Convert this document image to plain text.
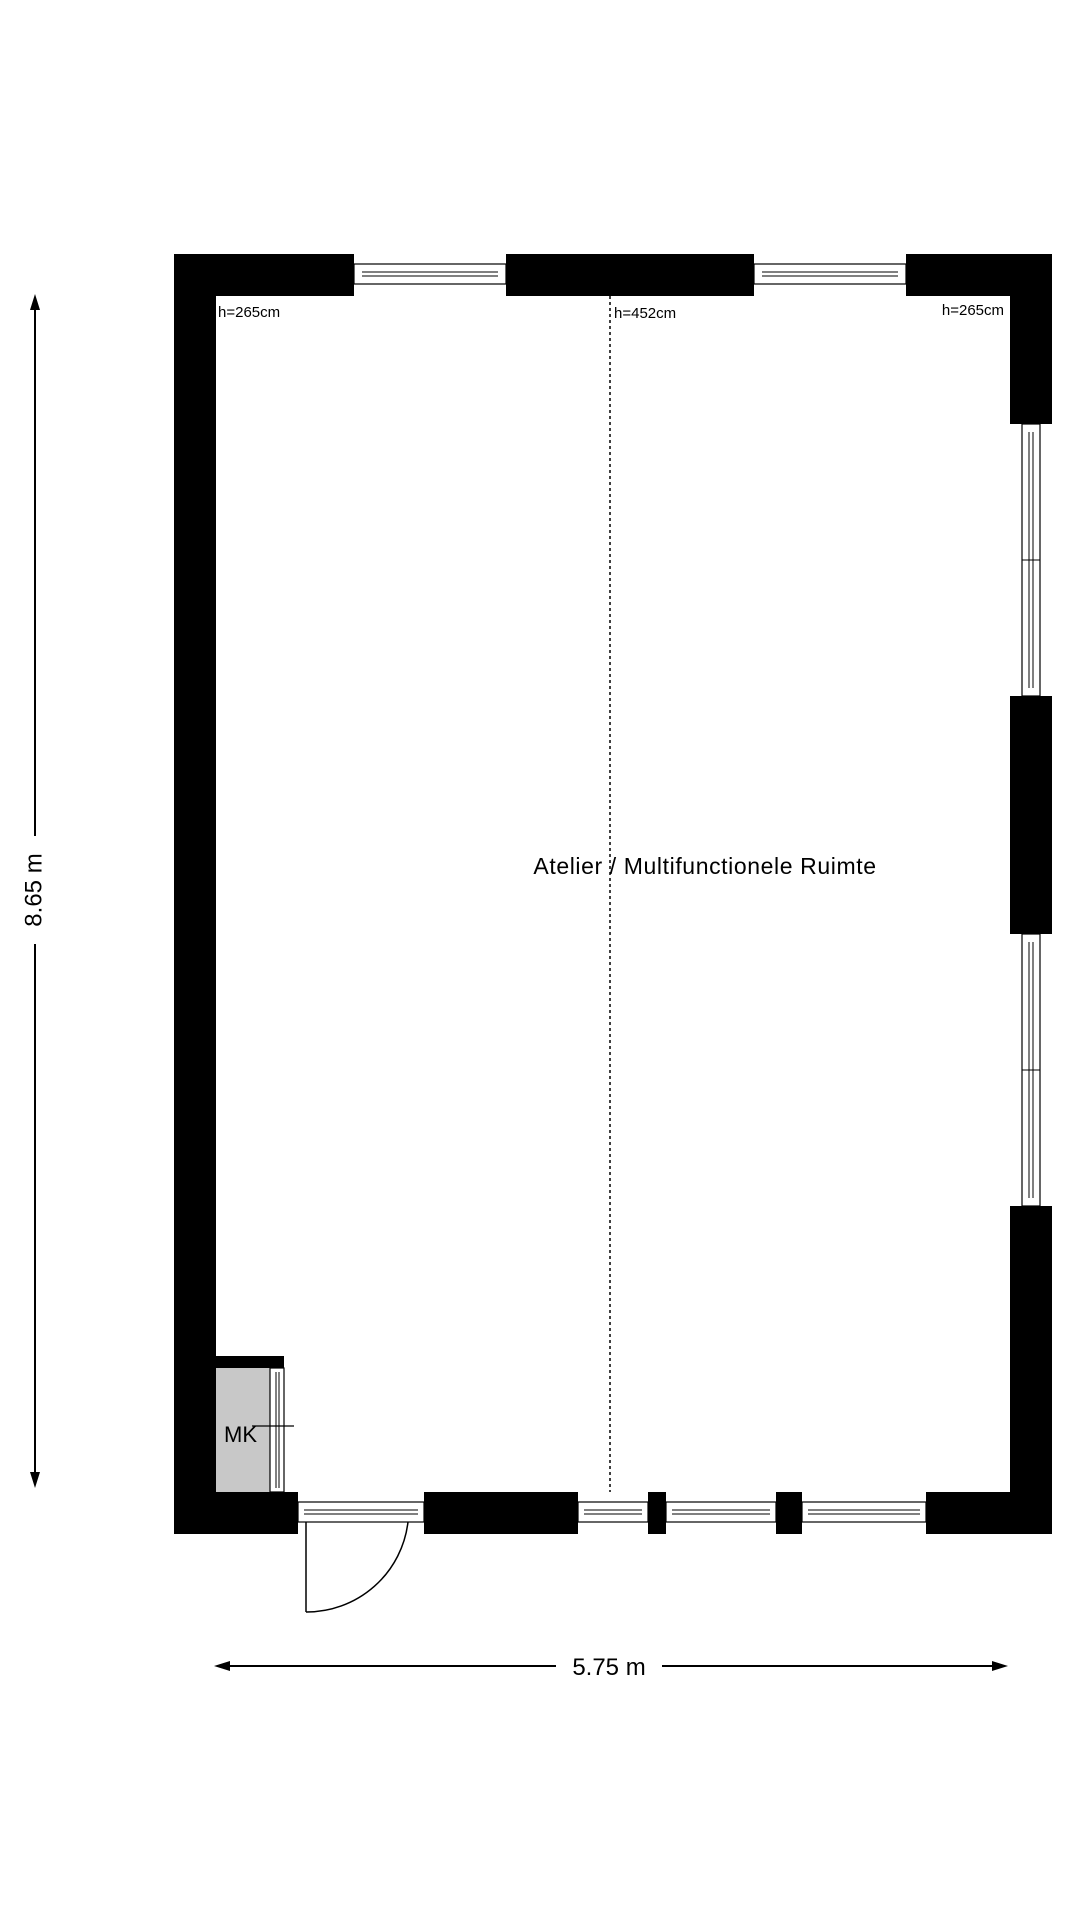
MK
h=265cm	h=452cm	h=265cm
Atelier / Multifunctionele Ruimte
8.65 m
5.75 m
